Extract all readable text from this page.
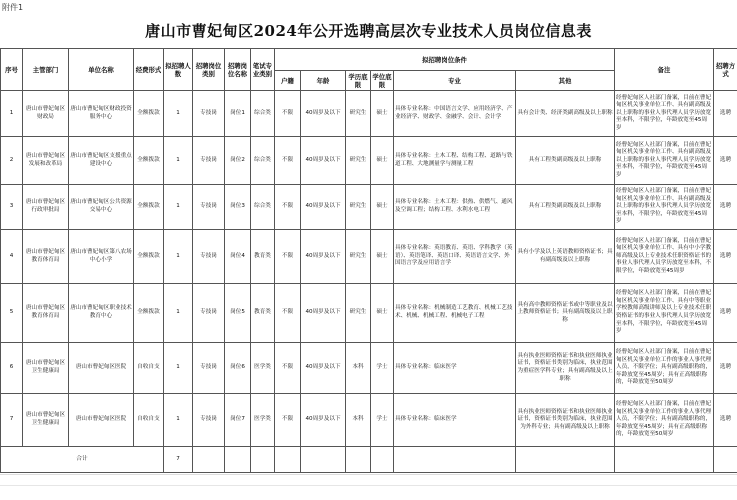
附件1
唐山市曹妃甸区2024年公开选聘高层次专业技术人员岗位信息表
序号	主管部门	单位名称	经费形式	拟招聘人数	招聘岗位类别	招聘岗位名称	笔试专业类别	拟招聘岗位条件						备注	招聘方式
								户籍	年龄	学历底限	学位底限	专业	其他		
1	唐山市曹妃甸区财政局	唐山市曹妃甸区财政投资服务中心	全额拨款	1	专技岗	岗位1	综合类	不限	40周岁及以下	研究生	硕士	具体专业名称：中国语言文学、应用经济学、产业经济学、财政学、金融学、会计、会计学	具有会计类、经济类副高级及以上职称	经曹妃甸区人社部门备案，目前在曹妃甸区机关事业单位工作、具有副高级及以上职称的事业人事代理人员学历放宽至本科，不限学位，年龄放宽至45周岁	选聘
2	唐山市曹妃甸区发展和改革局	唐山市曹妃甸区支援重点建设中心	全额拨款	1	专技岗	岗位2	综合类	不限	40周岁及以下	研究生	硕士	具体专业名称：土木工程、结构工程、道路与铁道工程、大地测量学与测量工程	具有工程类副高级及以上职称	经曹妃甸区人社部门备案，目前在曹妃甸区机关事业单位工作、具有副高级及以上职称的事业人事代理人员学历放宽至本科，不限学位，年龄放宽至45周岁	选聘
3	唐山市曹妃甸区行政审批局	唐山市曹妃甸区公共资源交易中心	全额拨款	1	专技岗	岗位3	综合类	不限	40周岁及以下	研究生	硕士	具体专业名称：土木工程：供热、供燃气、通风及空调工程；结构工程、水利水电工程	具有工程类副高级及以上职称	经曹妃甸区人社部门备案，目前在曹妃甸区机关事业单位工作、具有副高级及以上职称的事业人事代理人员学历放宽至本科，不限学位，年龄放宽至45周岁	选聘
4	唐山市曹妃甸区教育体育局	唐山市曹妃甸区第八农场中心小学	全额拨款	1	专技岗	岗位4	教育类	不限	40周岁及以下	研究生	硕士	具体专业名称：英语教育、英语、学科教学（英语）、英语笔译、英语口译、英语语言文学、外国语言学及应用语言学	具有小学及以上英语教师资格证书；具有副高级及以上职称	经曹妃甸区人社部门备案，目前在曹妃甸区机关事业单位工作、具有中小学教师高级及以上专业技术任职资格证书的事业人事代理人员学历放宽至本科，不限学位，年龄放宽至45周岁	选聘
5	唐山市曹妃甸区教育体育局	唐山市曹妃甸区职业技术教育中心	全额拨款	1	专技岗	岗位5	教育类	不限	40周岁及以下	研究生	硕士	具体专业名称：机械制造工艺教育、机械工艺技术、机械、机械工程、机械电子工程	具有高中教师资格证书或中等职业及以上教师资格证书；具有副高级及以上职称	经曹妃甸区人社部门备案，目前在曹妃甸区机关事业单位工作、具有中等职业学校教师高级讲师及以上专业技术任职资格证书的事业人事代理人员学历放宽至本科，不限学位，年龄放宽至45周岁	选聘
6	唐山市曹妃甸区卫生健康局	唐山市曹妃甸区医院	自收自支	1	专技岗	岗位6	医学类	不限	40周岁及以下	本科	学士	具体专业名称：临床医学	具有执业医师资格证书和执业医师执业证书，资格证书类别为临床，执业范围为重症医学科专业；具有副高级及以上职称	经曹妃甸区人社部门备案，目前在曹妃甸区机关事业单位工作的事业人事代理人员，不限学位；具有副高级职称的，年龄放宽至45周岁；具有正高级职称的，年龄放宽至50周岁	选聘
7	唐山市曹妃甸区卫生健康局	唐山市曹妃甸区医院	自收自支	1	专技岗	岗位7	医学类	不限	40周岁及以下	本科	学士	具体专业名称：临床医学	具有执业医师资格证书和执业医师执业证书，资格证书类别为临床，执业范围为外科专业；具有副高级及以上职称	经曹妃甸区人社部门备案，目前在曹妃甸区机关事业单位工作的事业人事代理人员，不限学位；具有副高级职称的，年龄放宽至45周岁；具有正高级职称的，年龄放宽至50周岁	选聘
合计				7											
